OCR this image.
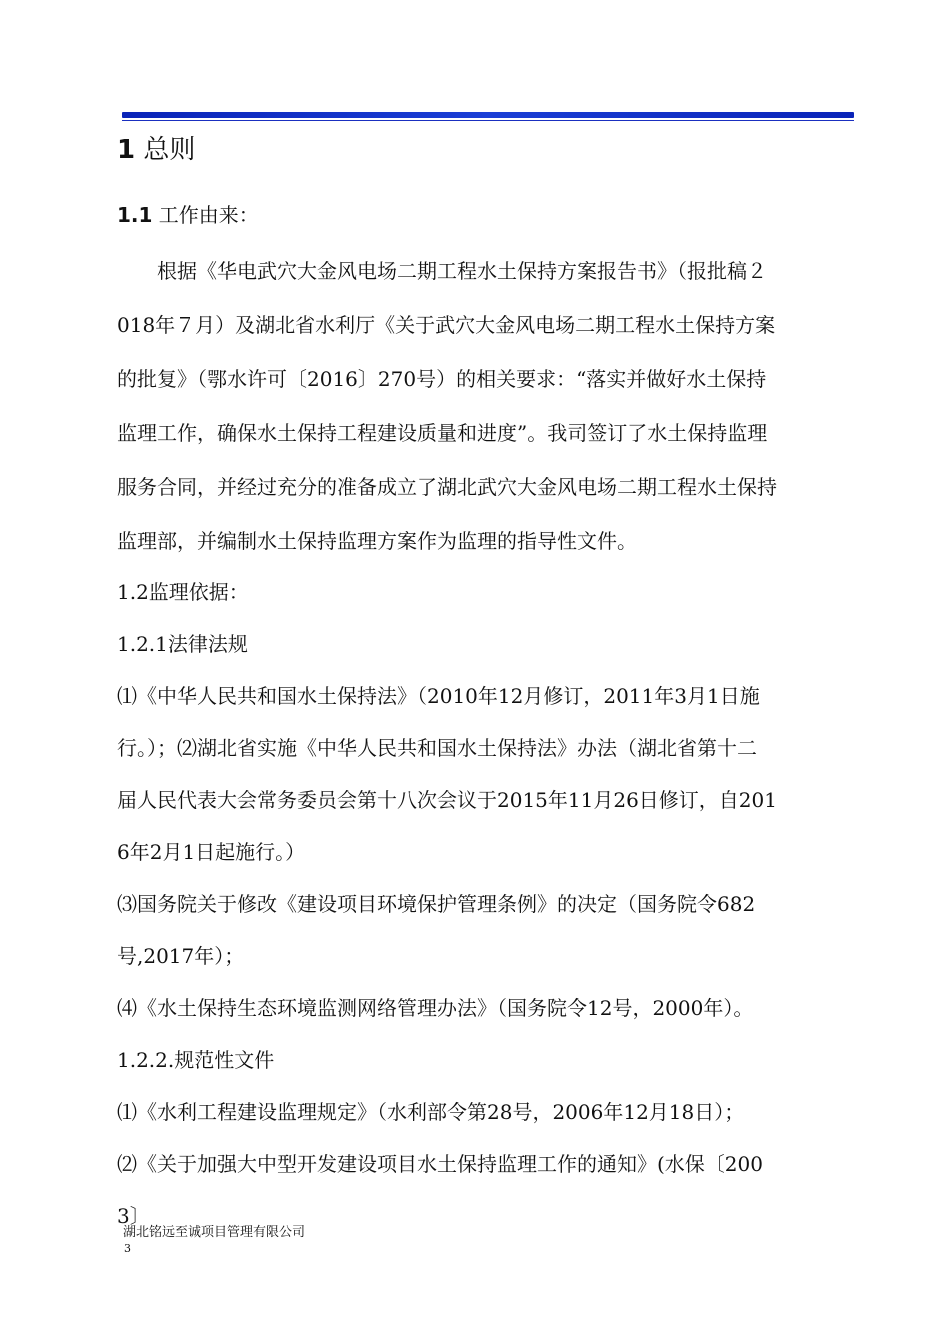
1 总则
1.1 工作由来：
　　根据《华电武穴大金风电场二期工程水土保持方案报告书》（报批稿２
018年７月）及湖北省水利厅《关于武穴大金风电场二期工程水土保持方案
的批复》（鄂水许可〔2016〕270号）的相关要求：“落实并做好水土保持
监理工作，确保水土保持工程建设质量和进度”。我司签订了水土保持监理
服务合同，并经过充分的准备成立了湖北武穴大金风电场二期工程水土保持
监理部，并编制水土保持监理方案作为监理的指导性文件。
1.2监理依据：
1.2.1法律法规
⑴《中华人民共和国水土保持法》（2010年12月修订，2011年3月1日施
行。）；⑵湖北省实施《中华人民共和国水土保持法》办法（湖北省第十二
届人民代表大会常务委员会第十八次会议于2015年11月26日修订，自201
6年2月1日起施行。）
⑶国务院关于修改《建设项目环境保护管理条例》的决定（国务院令682
号,2017年）；
⑷《水土保持生态环境监测网络管理办法》（国务院令12号，2000年）。
1.2.2.规范性文件
⑴《水利工程建设监理规定》（水利部令第28号，2006年12月18日）；
⑵《关于加强大中型开发建设项目水土保持监理工作的通知》(水保〔200
3〕
湖北铭远至诚项目管理有限公司
3
